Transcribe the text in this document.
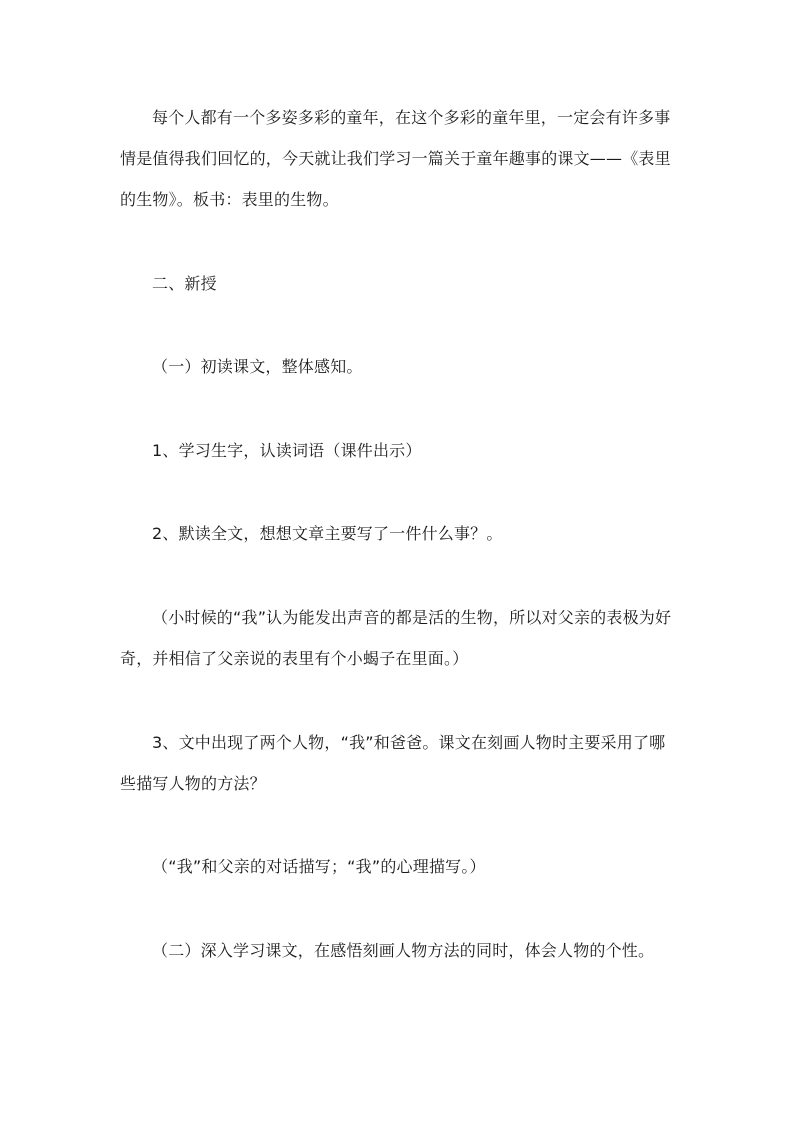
每个人都有一个多姿多彩的童年，在这个多彩的童年里，一定会有许多事情是值得我们回忆的，今天就让我们学习一篇关于童年趣事的课文——《表里的生物》。板书：表里的生物。

二、新授

（一）初读课文，整体感知。

1、学习生字，认读词语（课件出示）

2、默读全文，想想文章主要写了一件什么事？。

（小时候的“我”认为能发出声音的都是活的生物，所以对父亲的表极为好奇，并相信了父亲说的表里有个小蝎子在里面。）

3、文中出现了两个人物，“我”和爸爸。课文在刻画人物时主要采用了哪些描写人物的方法？

（“我”和父亲的对话描写；“我”的心理描写。）

（二）深入学习课文，在感悟刻画人物方法的同时，体会人物的个性。
